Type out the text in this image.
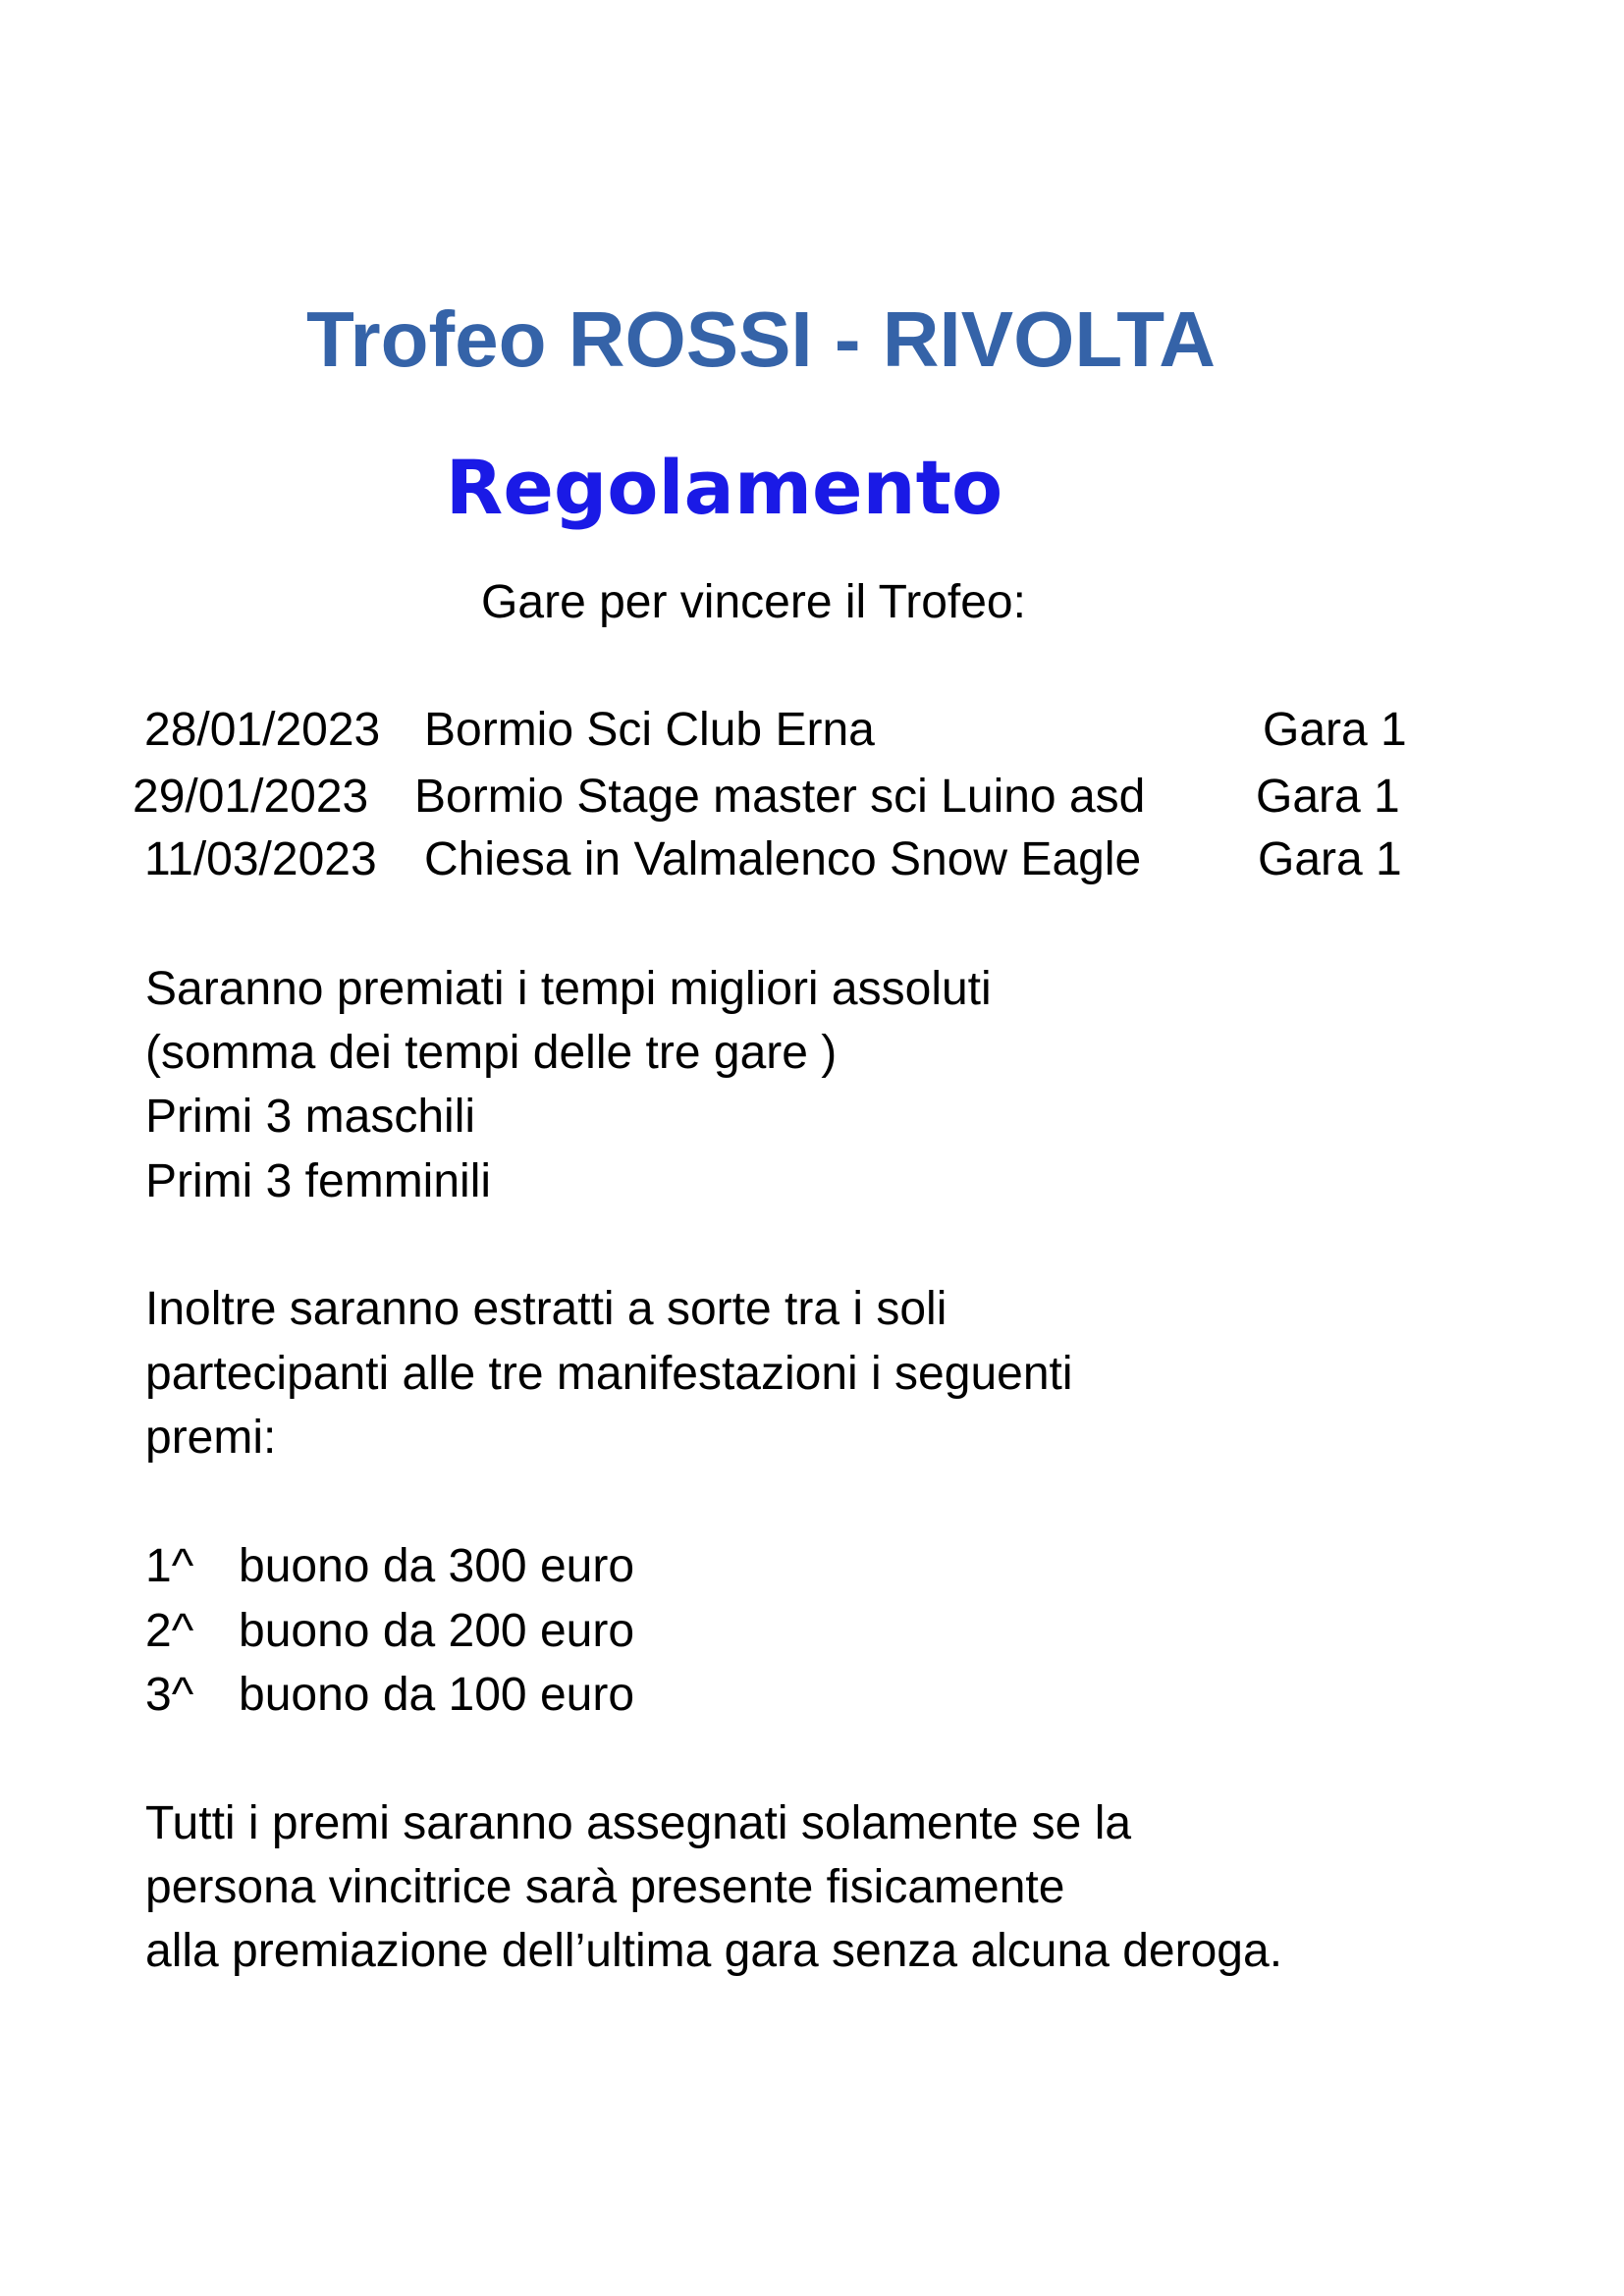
Trofeo ROSSI - RIVOLTA
Regolamento
Gare per vincere il Trofeo:
28/01/2023 Bormio Sci Club Erna	Gara 1
29/01/2023 Bormio Stage master sci Luino asd Gara 1
11/03/2023 Chiesa in Valmalenco Snow Eagle Gara 1
Saranno premiati i tempi migliori assoluti
(somma dei tempi delle tre gare )
Primi 3 maschili
Primi 3 femminili
Inoltre saranno estratti a sorte tra i soli
partecipanti alle tre manifestazioni i seguenti
premi:
1^ buono da 300 euro
2^ buono da 200 euro
3^ buono da 100 euro
Tutti i premi saranno assegnati solamente se la
persona vincitrice sarà presente fisicamente
alla premiazione dell’ultima gara senza alcuna deroga.
